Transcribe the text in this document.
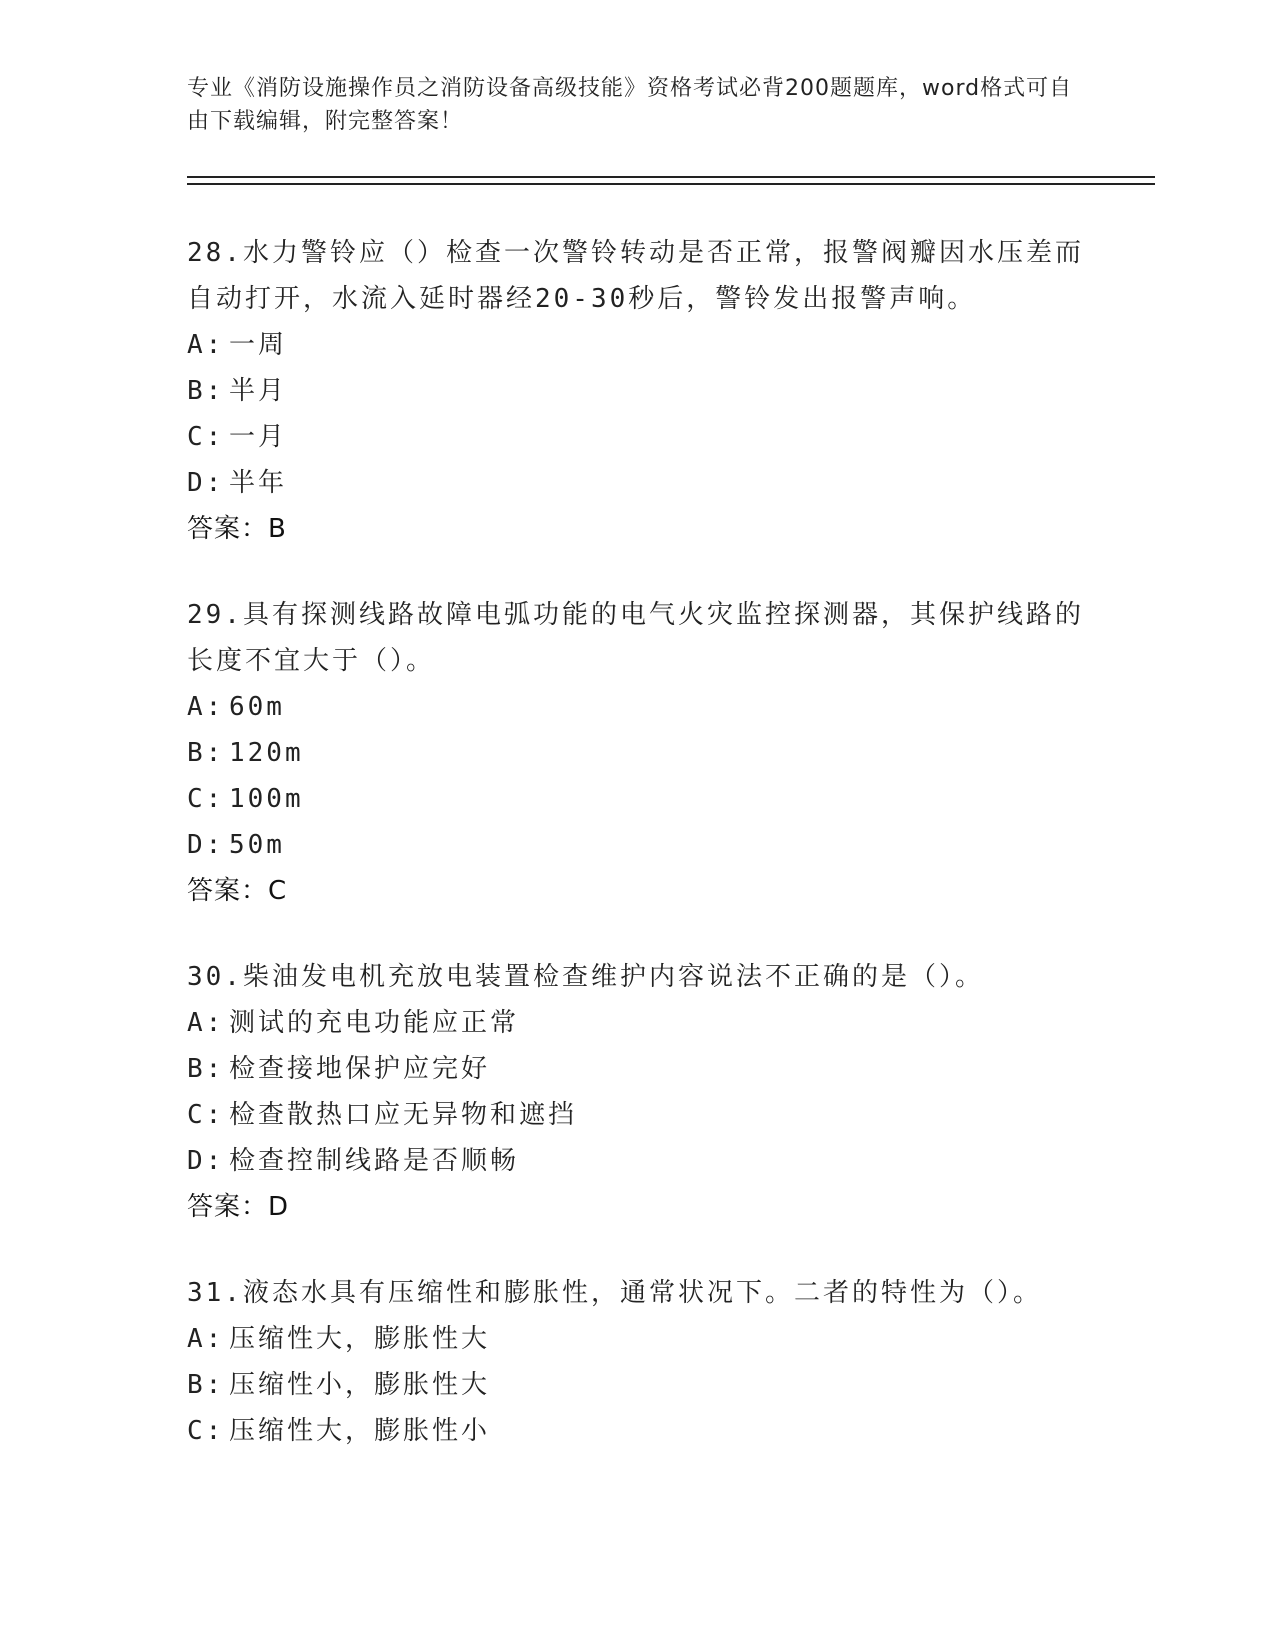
专业《消防设施操作员之消防设备高级技能》资格考试必背200题题库，word格式可自由下载编辑，附完整答案！

28.水力警铃应（）检查一次警铃转动是否正常，报警阀瓣因水压差而自动打开，水流入延时器经20-30秒后，警铃发出报警声响。

A: 一周
B: 半月
C: 一月
D: 半年
答案：B

29.具有探测线路故障电弧功能的电气火灾监控探测器，其保护线路的长度不宜大于（）。

A: 60m
B: 120m
C: 100m
D: 50m
答案：C

30.柴油发电机充放电装置检查维护内容说法不正确的是（）。

A: 测试的充电功能应正常
B: 检查接地保护应完好
C: 检查散热口应无异物和遮挡
D: 检查控制线路是否顺畅
答案：D

31.液态水具有压缩性和膨胀性，通常状况下。二者的特性为（）。

A: 压缩性大，膨胀性大
B: 压缩性小，膨胀性大
C: 压缩性大，膨胀性小
